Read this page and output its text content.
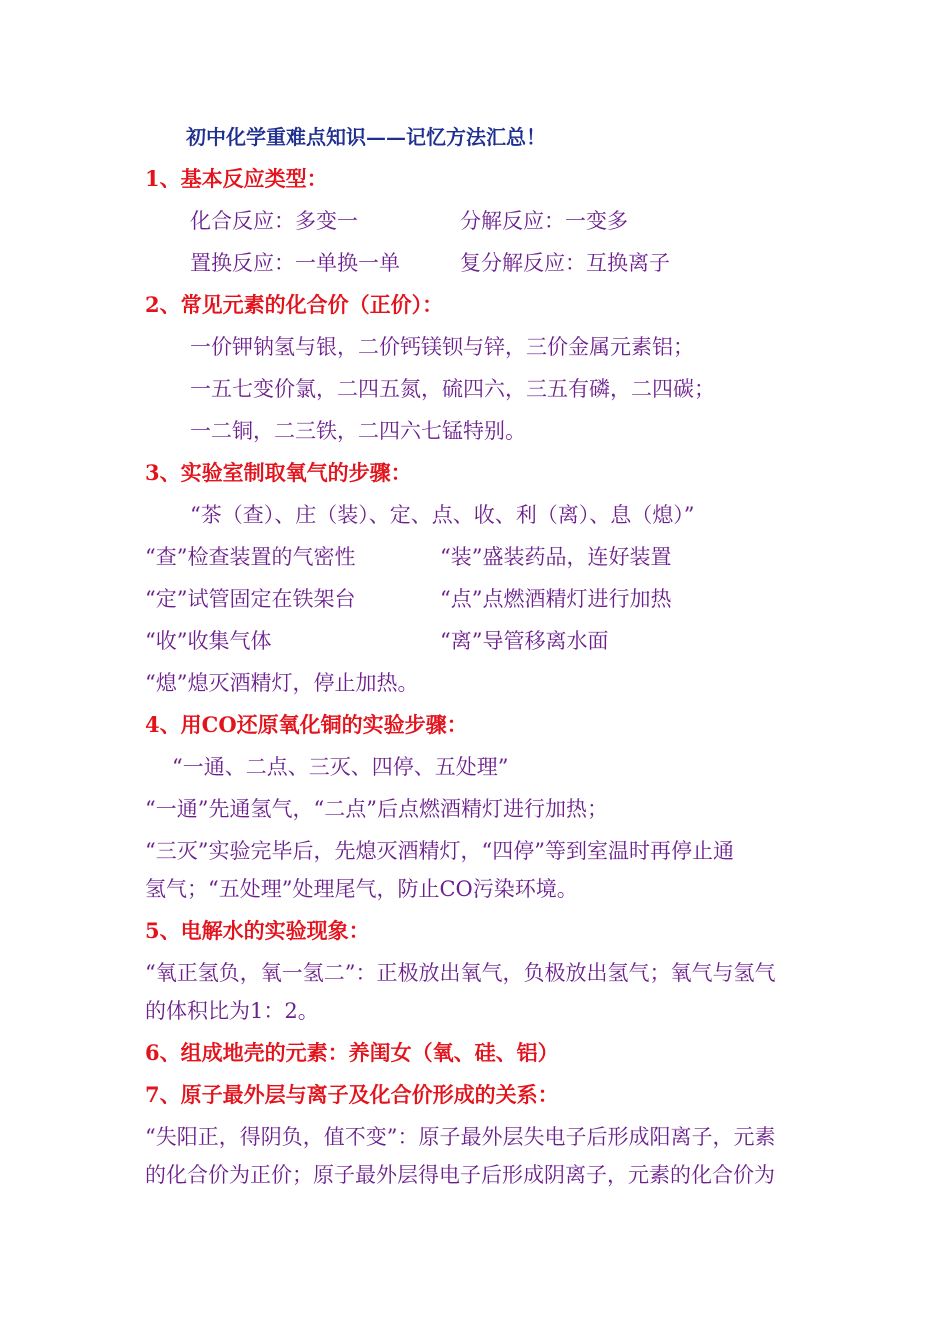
初中化学重难点知识——记忆方法汇总！
1、基本反应类型：
化合反应：多变一	分解反应：一变多
置换反应：一单换一单	复分解反应：互换离子
2、常见元素的化合价（正价）：
一价钾钠氢与银，二价钙镁钡与锌，三价金属元素铝；
一五七变价氯，二四五氮，硫四六，三五有磷，二四碳；
一二铜，二三铁，二四六七锰特别。
3、实验室制取氧气的步骤：
“茶（查）、庄（装）、定、点、收、利（离）、息（熄）”
“查”检查装置的气密性	“装”盛装药品，连好装置
“定”试管固定在铁架台	“点”点燃酒精灯进行加热
“收”收集气体	“离”导管移离水面
“熄”熄灭酒精灯，停止加热。
4、用CO还原氧化铜的实验步骤：
“一通、二点、三灭、四停、五处理”
“一通”先通氢气，“二点”后点燃酒精灯进行加热；
“三灭”实验完毕后，先熄灭酒精灯，“四停”等到室温时再停止通
氢气；“五处理”处理尾气，防止CO污染环境。
5、电解水的实验现象：
“氧正氢负，氧一氢二”：正极放出氧气，负极放出氢气；氧气与氢气
的体积比为1：2。
6、组成地壳的元素：养闺女（氧、硅、铝）
7、原子最外层与离子及化合价形成的关系：
“失阳正，得阴负，值不变”：原子最外层失电子后形成阳离子，元素
的化合价为正价；原子最外层得电子后形成阴离子，元素的化合价为
